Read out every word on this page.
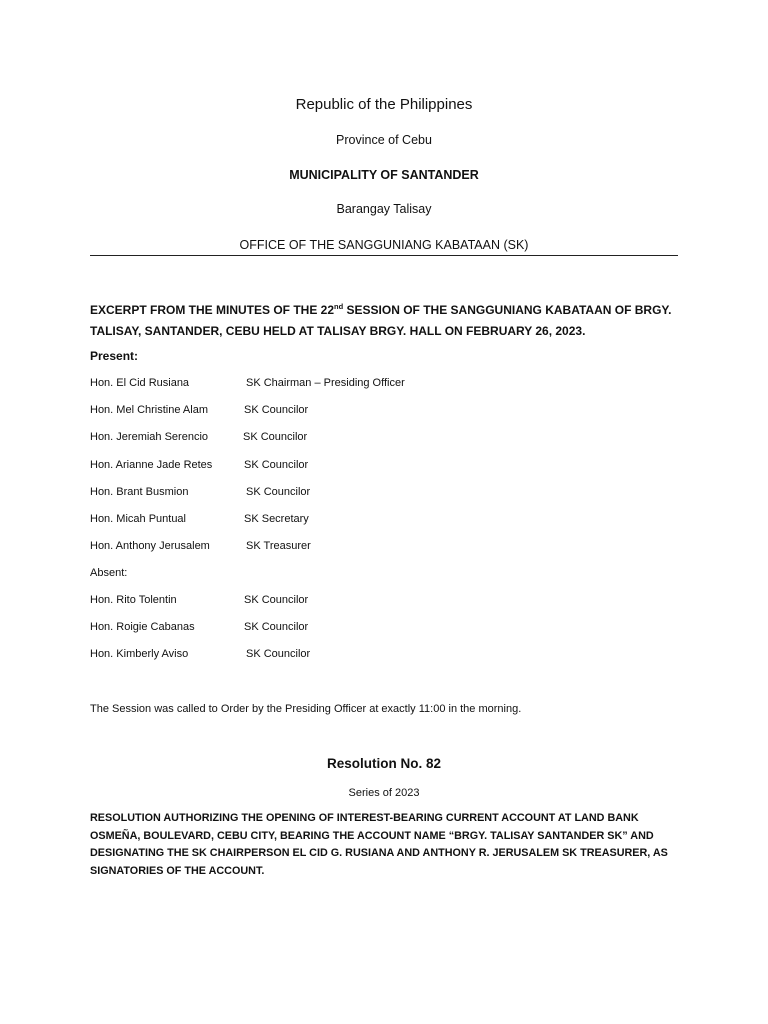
Republic of the Philippines
Province of Cebu
MUNICIPALITY OF SANTANDER
Barangay Talisay
OFFICE OF THE SANGGUNIANG KABATAAN (SK)
EXCERPT FROM THE MINUTES OF THE 22nd SESSION OF THE SANGGUNIANG KABATAAN OF BRGY. TALISAY, SANTANDER, CEBU HELD AT TALISAY BRGY. HALL ON FEBRUARY 26, 2023.
Present:
Hon. El Cid Rusiana	SK Chairman – Presiding Officer
Hon. Mel Christine Alam	SK Councilor
Hon. Jeremiah Serencio	SK Councilor
Hon. Arianne Jade Retes	SK Councilor
Hon. Brant Busmion	SK Councilor
Hon. Micah Puntual	SK Secretary
Hon. Anthony Jerusalem	SK Treasurer
Absent:
Hon. Rito Tolentin	SK Councilor
Hon. Roigie Cabanas	SK Councilor
Hon. Kimberly Aviso	SK Councilor
The Session was called to Order by the Presiding Officer at exactly 11:00 in the morning.
Resolution No. 82
Series of 2023
RESOLUTION AUTHORIZING THE OPENING OF INTEREST-BEARING CURRENT ACCOUNT AT LAND BANK OSMEÑA, BOULEVARD, CEBU CITY, BEARING THE ACCOUNT NAME “BRGY. TALISAY SANTANDER SK” AND DESIGNATING THE SK CHAIRPERSON EL CID G. RUSIANA AND ANTHONY R. JERUSALEM SK TREASURER, AS SIGNATORIES OF THE ACCOUNT.
